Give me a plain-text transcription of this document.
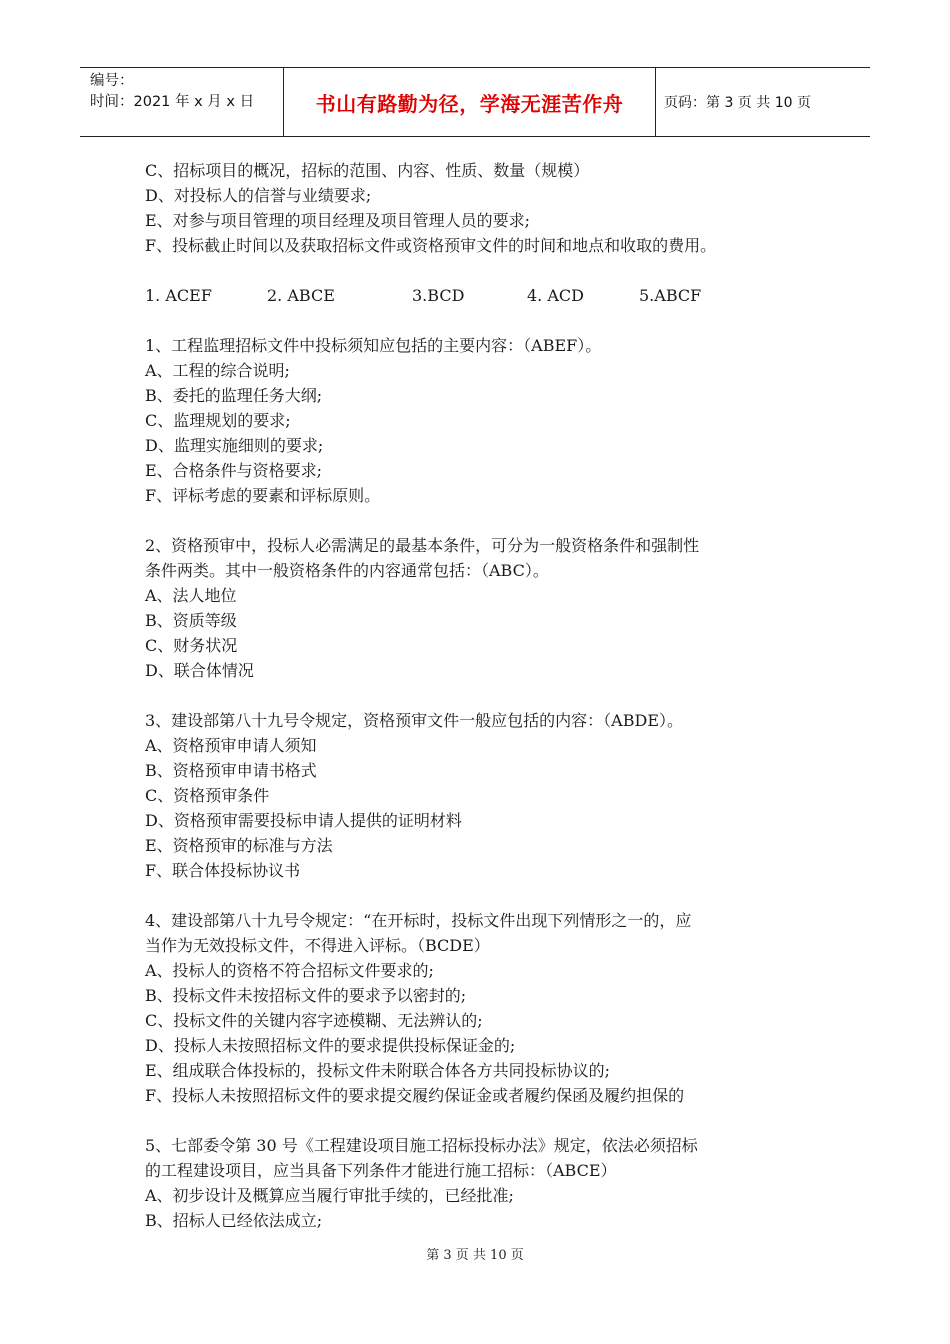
编号：
时间：2021 年 x 月 x 日	书山有路勤为径，学海无涯苦作舟	页码：第 3 页 共 10 页
C、招标项目的概况，招标的范围、内容、性质、数量（规模）
D、对投标人的信誉与业绩要求;
E、对参与项目管理的项目经理及项目管理人员的要求;
F、投标截止时间以及获取招标文件或资格预审文件的时间和地点和收取的费用。
1. ACEF	2. ABCE	3.BCD	4. ACD	5.ABCF
1、工程监理招标文件中投标须知应包括的主要内容：（ABEF）。
A、工程的综合说明;
B、委托的监理任务大纲;
C、监理规划的要求;
D、监理实施细则的要求;
E、合格条件与资格要求;
F、评标考虑的要素和评标原则。
2、资格预审中，投标人必需满足的最基本条件，可分为一般资格条件和强制性
条件两类。其中一般资格条件的内容通常包括：（ABC）。
A、法人地位
B、资质等级
C、财务状况
D、联合体情况
3、建设部第八十九号令规定，资格预审文件一般应包括的内容：（ABDE）。
A、资格预审申请人须知
B、资格预审申请书格式
C、资格预审条件
D、资格预审需要投标申请人提供的证明材料
E、资格预审的标准与方法
F、联合体投标协议书
4、建设部第八十九号令规定：“在开标时，投标文件出现下列情形之一的，应
当作为无效投标文件，不得进入评标。（BCDE）
A、投标人的资格不符合招标文件要求的;
B、投标文件未按招标文件的要求予以密封的;
C、投标文件的关键内容字迹模糊、无法辨认的;
D、投标人未按照招标文件的要求提供投标保证金的;
E、组成联合体投标的，投标文件未附联合体各方共同投标协议的;
F、投标人未按照招标文件的要求提交履约保证金或者履约保函及履约担保的
5、七部委令第 30 号《工程建设项目施工招标投标办法》规定，依法必须招标
的工程建设项目，应当具备下列条件才能进行施工招标：（ABCE）
A、初步设计及概算应当履行审批手续的，已经批准;
B、招标人已经依法成立;
第 3 页 共 10 页
